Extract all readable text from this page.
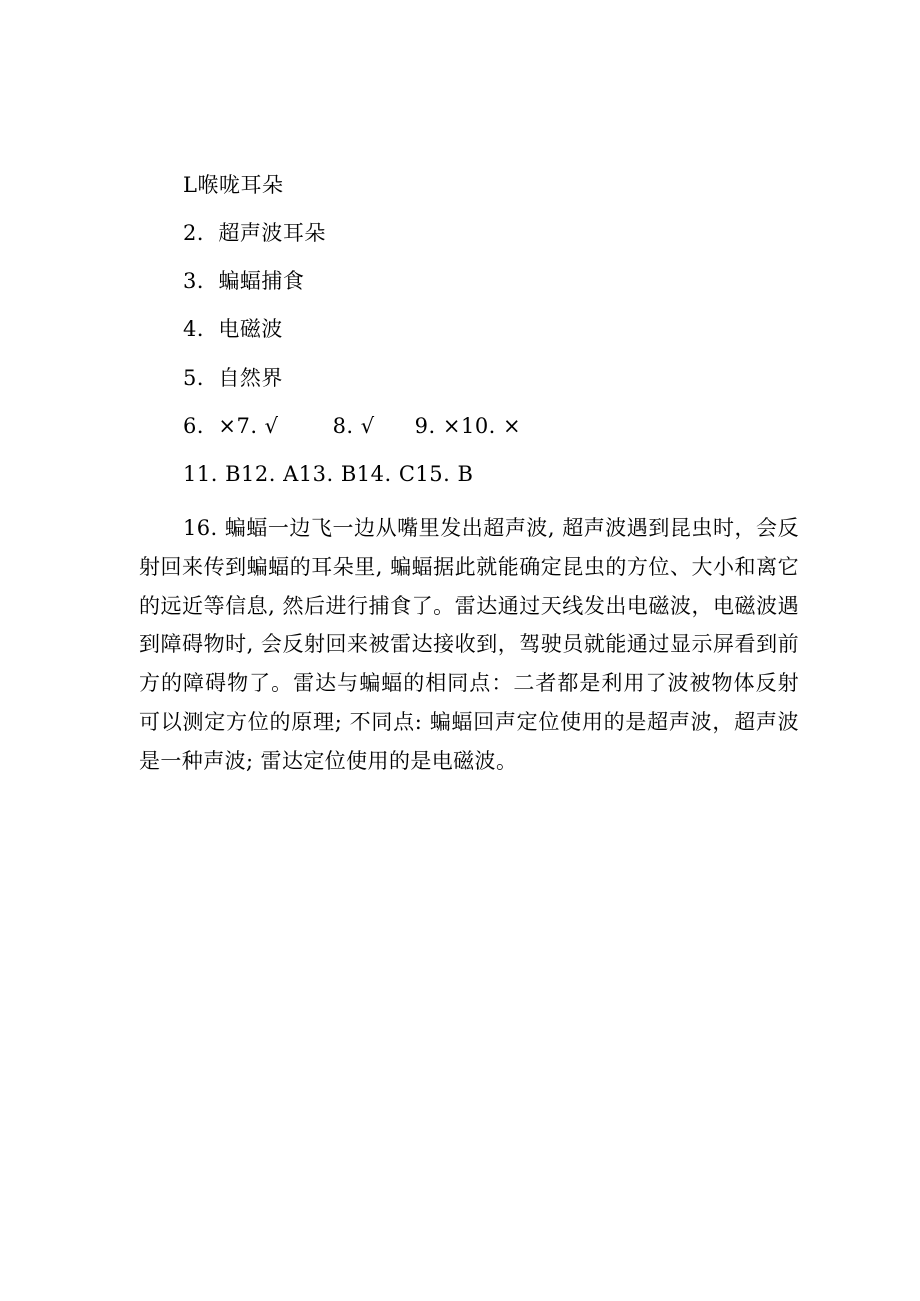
L喉咙耳朵
2．超声波耳朵
3．蝙蝠捕食
4．电磁波
5．自然界
6．×7. √	8. √ 9. ×10. ×
11. B12. A13. B14. C15. B

16. 蝙蝠一边飞一边从嘴里发出超声波, 超声波遇到昆虫时，会反射回来传到蝙蝠的耳朵里, 蝙蝠据此就能确定昆虫的方位、大小和离它的远近等信息, 然后进行捕食了。雷达通过天线发出电磁波，电磁波遇到障碍物时, 会反射回来被雷达接收到，驾驶员就能通过显示屏看到前方的障碍物了。雷达与蝙蝠的相同点：二者都是利用了波被物体反射可以测定方位的原理; 不同点: 蝙蝠回声定位使用的是超声波，超声波是一种声波; 雷达定位使用的是电磁波。
